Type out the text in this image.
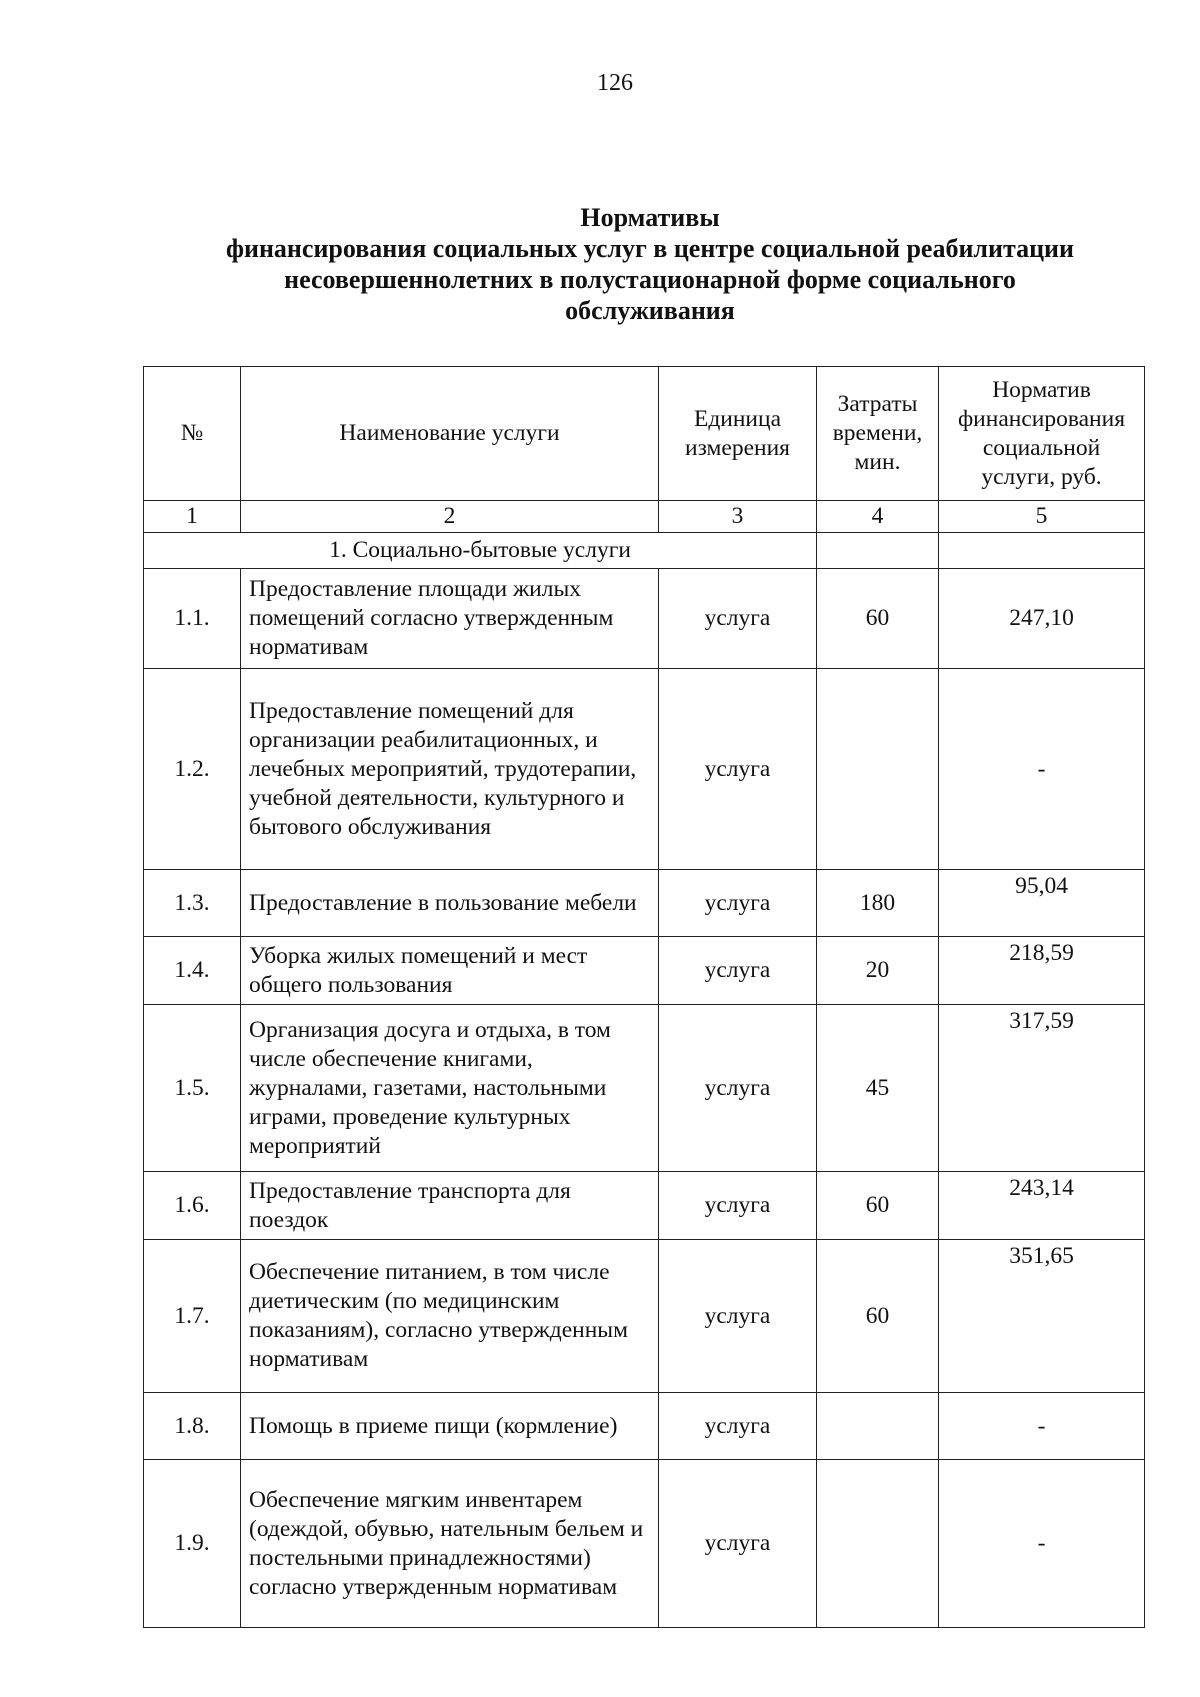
126
Нормативы
финансирования социальных услуг в центре социальной реабилитации
несовершеннолетних в полустационарной форме социального
обслуживания
№	Наименование услуги	Единица измерения	Затраты времени, мин.	Норматив финансирования социальной услуги, руб.
1	2	3	4	5
1. Социально-бытовые услуги				
1.1.	Предоставление площади жилых помещений согласно утвержденным нормативам	услуга	60	247,10
1.2.	Предоставление помещений для организации реабилитационных, и лечебных мероприятий, трудотерапии, учебной деятельности, культурного и бытового обслуживания	услуга		-
1.3.	Предоставление в пользование мебели	услуга	180	95,04
1.4.	Уборка жилых помещений и мест общего пользования	услуга	20	218,59
1.5.	Организация досуга и отдыха, в том числе обеспечение книгами, журналами, газетами, настольными играми, проведение культурных мероприятий	услуга	45	317,59
1.6.	Предоставление транспорта для поездок	услуга	60	243,14
1.7.	Обеспечение питанием, в том числе диетическим (по медицинским показаниям), согласно утвержденным нормативам	услуга	60	351,65
1.8.	Помощь в приеме пищи (кормление)	услуга		-
1.9.	Обеспечение мягким инвентарем (одеждой, обувью, нательным бельем и постельными принадлежностями) согласно утвержденным нормативам	услуга		-
